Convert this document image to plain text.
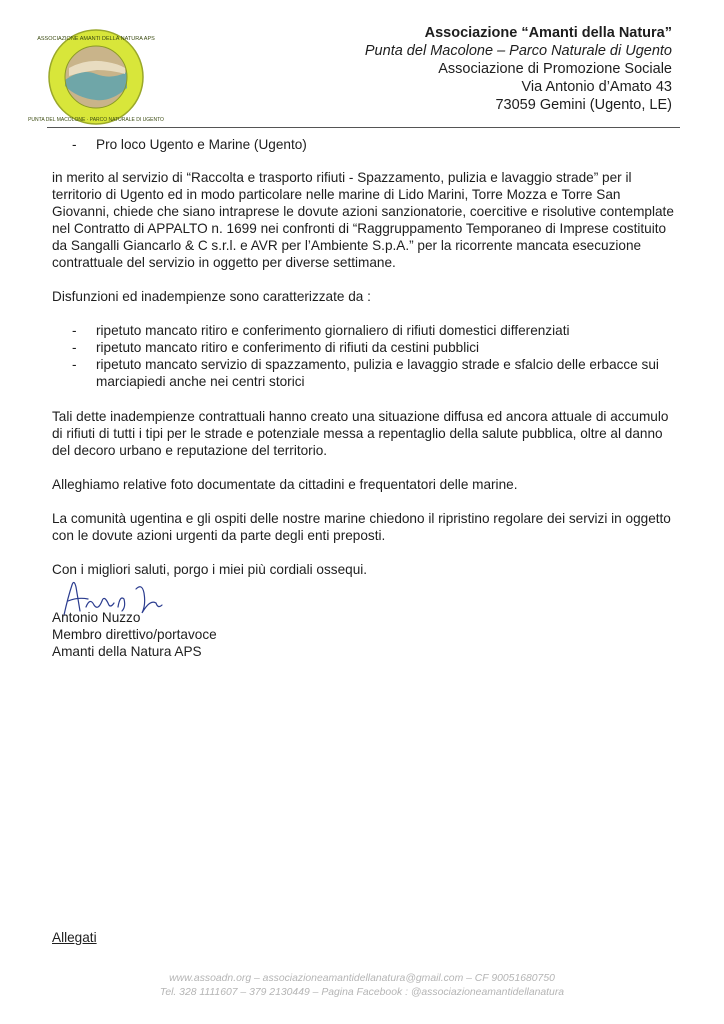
ASSOCIAZIONE AMANTI DELLA NATURA APS
PUNTA DEL MACOLONE · PARCO NATURALE DI UGENTO
Associazione “Amanti della Natura”
Punta del Macolone – Parco Naturale di Ugento
Associazione di Promozione Sociale
Via Antonio d’Amato 43
73059 Gemini (Ugento, LE)
- Pro loco Ugento e Marine (Ugento)

in merito al servizio di “Raccolta e trasporto rifiuti - Spazzamento, pulizia e lavaggio strade” per il territorio di Ugento ed in modo particolare nelle marine di Lido Marini, Torre Mozza e Torre San Giovanni, chiede che siano intraprese le dovute azioni sanzionatorie, coercitive e risolutive contemplate nel Contratto di APPALTO n. 1699 nei confronti di “Raggruppamento Temporaneo di Imprese costituito da Sangalli Giancarlo & C s.r.l. e AVR per l’Ambiente S.p.A.” per la ricorrente mancata esecuzione contrattuale del servizio in oggetto per diverse settimane.

Disfunzioni ed inadempienze sono caratterizzate da :

- ripetuto mancato ritiro e conferimento giornaliero di rifiuti domestici differenziati
- ripetuto mancato ritiro e conferimento di rifiuti da cestini pubblici
- ripetuto mancato servizio di spazzamento, pulizia e lavaggio strade e sfalcio delle erbacce sui marciapiedi anche nei centri storici

Tali dette inadempienze contrattuali hanno creato una situazione diffusa ed ancora attuale di accumulo di rifiuti di tutti i tipi per le strade e potenziale messa a repentaglio della salute pubblica, oltre al danno del decoro urbano e reputazione del territorio.

Alleghiamo relative foto documentate da cittadini e frequentatori delle marine.

La comunità ugentina e gli ospiti delle nostre marine chiedono il ripristino regolare dei servizi in oggetto con le dovute azioni urgenti da parte degli enti preposti.

Con i migliori saluti, porgo i miei più cordiali ossequi.

Antonio Nuzzo
Membro direttivo/portavoce
Amanti della Natura APS
Allegati
www.assoadn.org – associazioneamantidellanatura@gmail.com – CF 90051680750
Tel. 328 1111607 – 379 2130449 – Pagina Facebook : @associazioneamantidellanatura
